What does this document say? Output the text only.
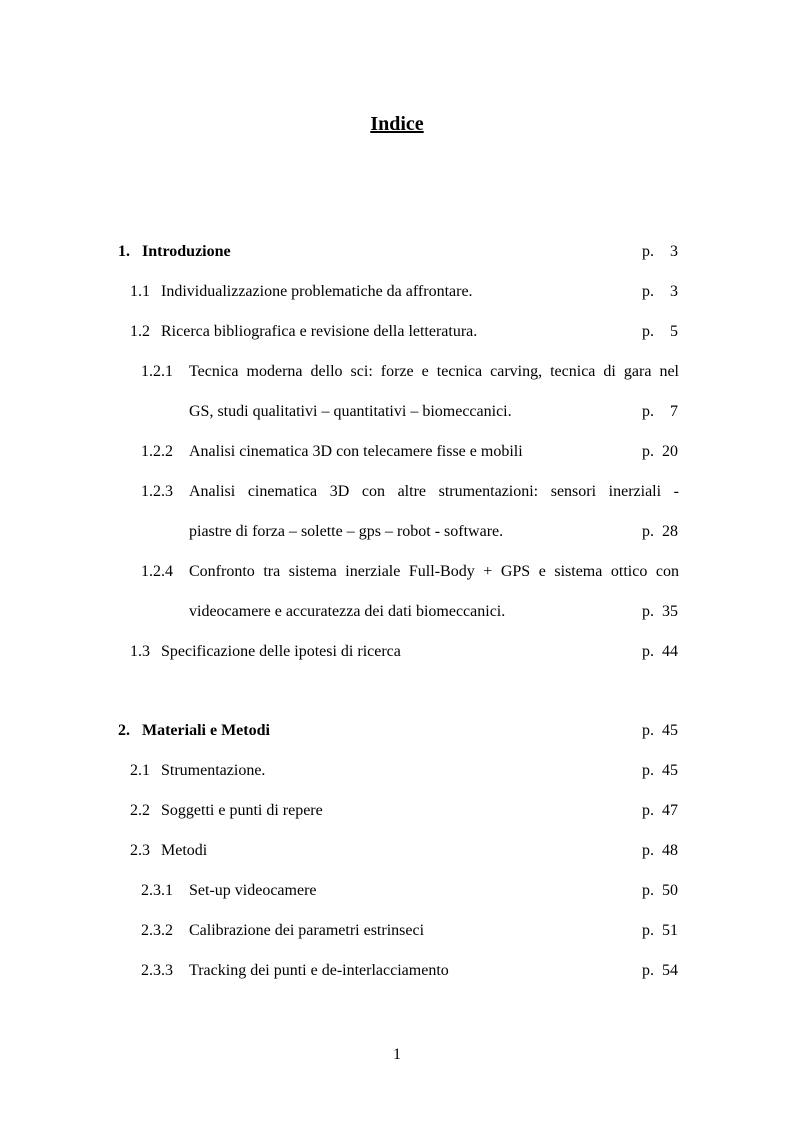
Indice
1. Introduzione	p. 3
1.1 Individualizzazione problematiche da affrontare.	p. 3
1.2 Ricerca bibliografica e revisione della letteratura.	p. 5
1.2.1 Tecnica moderna dello sci: forze e tecnica carving, tecnica di gara nel
GS, studi qualitativi – quantitativi – biomeccanici.	p. 7
1.2.2 Analisi cinematica 3D con telecamere fisse e mobili	p. 20
1.2.3 Analisi cinematica 3D con altre strumentazioni: sensori inerziali -
piastre di forza – solette – gps – robot - software.	p. 28
1.2.4 Confronto tra sistema inerziale Full-Body + GPS e sistema ottico con
videocamere e accuratezza dei dati biomeccanici.	p. 35
1.3 Specificazione delle ipotesi di ricerca	p. 44
2. Materiali e Metodi	p. 45
2.1 Strumentazione.	p. 45
2.2 Soggetti e punti di repere	p. 47
2.3 Metodi	p. 48
2.3.1 Set-up videocamere	p. 50
2.3.2 Calibrazione dei parametri estrinseci	p. 51
2.3.3 Tracking dei punti e de-interlacciamento	p. 54
1
